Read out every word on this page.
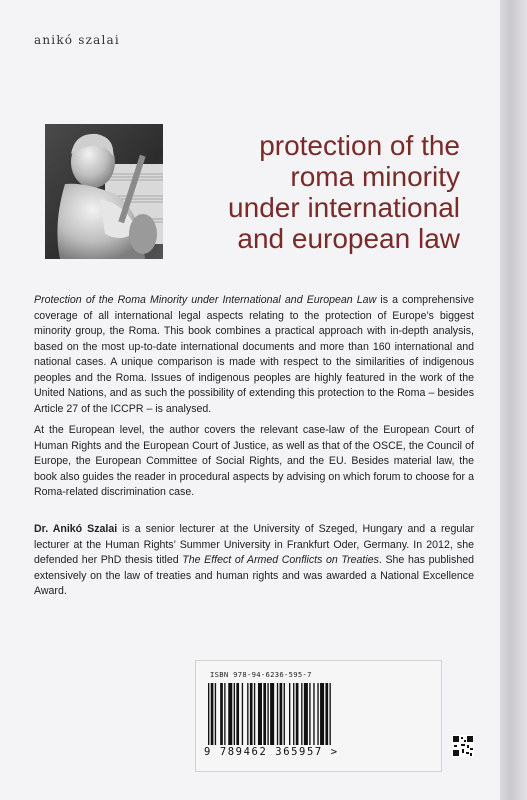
anikó szalai
protection of the
roma minority
under international
and european law

Protection of the Roma Minority under International and European Law is a comprehensive coverage of all international legal aspects relating to the protection of Europe’s biggest minority group, the Roma. This book combines a practical approach with in-depth analysis, based on the most up-to-date international documents and more than 160 international and national cases. A unique comparison is made with respect to the similarities of indigenous peoples and the Roma. Issues of indigenous peoples are highly featured in the work of the United Nations, and as such the possibility of extending this protection to the Roma – besides Article 27 of the ICCPR – is analysed.

At the European level, the author covers the relevant case-law of the European Court of Human Rights and the European Court of Justice, as well as that of the OSCE, the Council of Europe, the European Committee of Social Rights, and the EU. Besides material law, the book also guides the reader in procedural aspects by advising on which forum to choose for a Roma-related discrimination case.

Dr. Anikó Szalai is a senior lecturer at the University of Szeged, Hungary and a regular lecturer at the Human Rights’ Summer University in Frankfurt Oder, Germany. In 2012, she defended her PhD thesis titled The Effect of Armed Conflicts on Treaties. She has published extensively on the law of treaties and human rights and was awarded a National Excellence Award.

ISBN 978-94-6236-595-7
9 789462 365957 >
